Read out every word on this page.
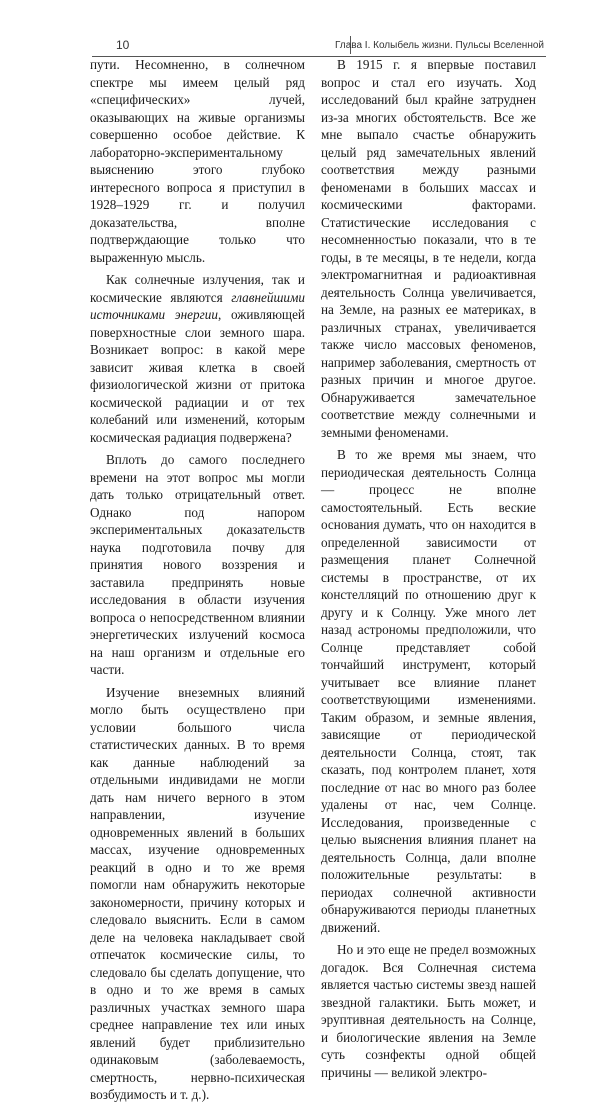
10	Глава I. Колыбель жизни. Пульсы Вселенной

пути. Несомненно, в солнечном спектре мы имеем целый ряд «специфических» лучей, оказывающих на живые организмы совершенно особое действие. К лабораторно-экспериментальному выяснению этого глубоко интересного вопроса я приступил в 1928–1929 гг. и получил доказательства, вполне подтверждающие только что выраженную мысль.

Как солнечные излучения, так и космические являются главнейшими источниками энергии, оживляющей поверхностные слои земного шара. Возникает вопрос: в какой мере зависит живая клетка в своей физиологической жизни от притока космической радиации и от тех колебаний или изменений, которым космическая радиация подвержена?

Вплоть до самого последнего времени на этот вопрос мы могли дать только отрицательный ответ. Однако под напором экспериментальных доказательств наука подготовила почву для принятия нового воззрения и заставила предпринять новые исследования в области изучения вопроса о непосредственном влиянии энергетических излучений космоса на наш организм и отдельные его части.

Изучение внеземных влияний могло быть осуществлено при условии большого числа статистических данных. В то время как данные наблюдений за отдельными индивидами не могли дать нам ничего верного в этом направлении, изучение одновременных явлений в больших массах, изучение одновременных реакций в одно и то же время помогли нам обнаружить некоторые закономерности, причину которых и следовало выяснить. Если в самом деле на человека накладывает свой отпечаток космические силы, то следовало бы сделать допущение, что в одно и то же время в самых различных участках земного шара среднее направление тех или иных явлений будет приблизительно одинаковым (заболеваемость, смертность, нервно-психическая возбудимость и т. д.).

В 1915 г. я впервые поставил вопрос и стал его изучать. Ход исследований был крайне затруднен из-за многих обстоятельств. Все же мне выпало счастье обнаружить целый ряд замечательных явлений соответствия между разными феноменами в больших массах и космическими факторами. Статистические исследования с несомненностью показали, что в те годы, в те месяцы, в те недели, когда электромагнитная и радиоактивная деятельность Солнца увеличивается, на Земле, на разных ее материках, в различных странах, увеличивается также число массовых феноменов, например заболевания, смертность от разных причин и многое другое. Обнаруживается замечательное соответствие между солнечными и земными феноменами.

В то же время мы знаем, что периодическая деятельность Солнца — процесс не вполне самостоятельный. Есть веские основания думать, что он находится в определенной зависимости от размещения планет Солнечной системы в пространстве, от их констелляций по отношению друг к другу и к Солнцу. Уже много лет назад астрономы предположили, что Солнце представляет собой тончайший инструмент, который учитывает все влияние планет соответствующими изменениями. Таким образом, и земные явления, зависящие от периодической деятельности Солнца, стоят, так сказать, под контролем планет, хотя последние от нас во много раз более удалены от нас, чем Солнце. Исследования, произведенные с целью выяснения влияния планет на деятельность Солнца, дали вполне положительные результаты: в периодах солнечной активности обнаруживаются периоды планетных движений.

Но и это еще не предел возможных догадок. Вся Солнечная система является частью системы звезд нашей звездной галактики. Быть может, и эруптивная деятельность на Солнце, и биологические явления на Земле суть сознфекты одной общей причины — великой электро-
